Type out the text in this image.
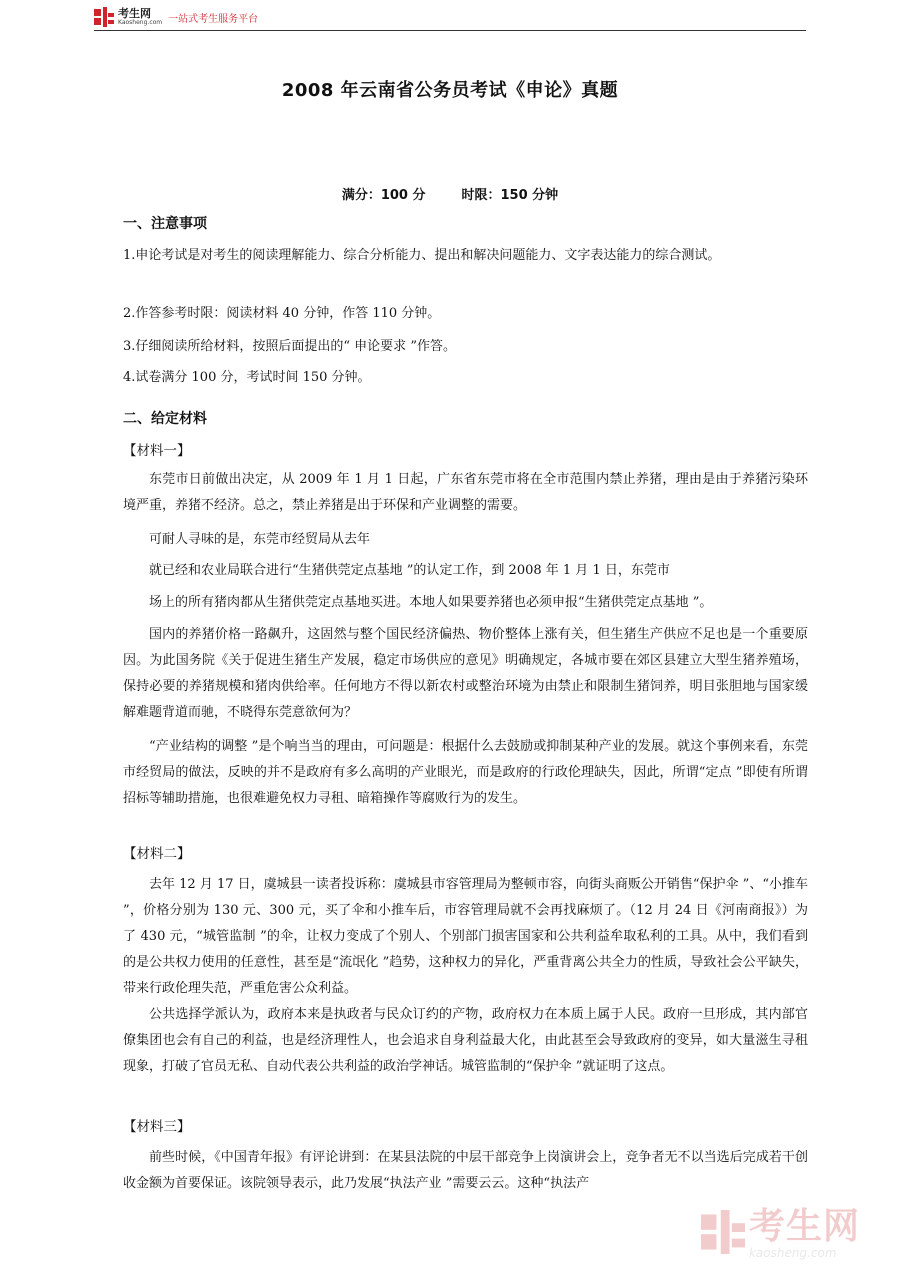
考生网
Kaosheng.com 一站式考生服务平台
2008 年云南省公务员考试《申论》真题
满分：100 分	时限：150 分钟
一、注意事项
1.申论考试是对考生的阅读理解能力、综合分析能力、提出和解决问题能力、文字表达能力的综合测试。
2.作答参考时限：阅读材料 40 分钟，作答 110 分钟。
3.仔细阅读所给材料，按照后面提出的“ 申论要求 ”作答。
4.试卷满分 100 分，考试时间 150 分钟。
二、给定材料
【材料一】
东莞市日前做出决定，从 2009 年 1 月 1 日起，广东省东莞市将在全市范围内禁止养猪，理由是由于养猪污染环境严重，养猪不经济。总之，禁止养猪是出于环保和产业调整的需要。
可耐人寻味的是，东莞市经贸局从去年
就已经和农业局联合进行“生猪供莞定点基地 ”的认定工作，到 2008 年 1 月 1 日，东莞市
场上的所有猪肉都从生猪供莞定点基地买进。本地人如果要养猪也必须申报“生猪供莞定点基地 ”。
国内的养猪价格一路飙升，这固然与整个国民经济偏热、物价整体上涨有关，但生猪生产供应不足也是一个重要原因。为此国务院《关于促进生猪生产发展，稳定市场供应的意见》明确规定，各城市要在郊区县建立大型生猪养殖场，保持必要的养猪规模和猪肉供给率。任何地方不得以新农村或整治环境为由禁止和限制生猪饲养，明目张胆地与国家缓解难题背道而驰，不晓得东莞意欲何为？
“产业结构的调整 ”是个响当当的理由，可问题是：根据什么去鼓励或抑制某种产业的发展。就这个事例来看，东莞市经贸局的做法，反映的并不是政府有多么高明的产业眼光，而是政府的行政伦理缺失，因此，所谓“定点 ”即使有所谓招标等辅助措施，也很难避免权力寻租、暗箱操作等腐败行为的发生。
【材料二】
去年 12 月 17 日，虞城县一读者投诉称：虞城县市容管理局为整顿市容，向街头商贩公开销售“保护伞 ”、“小推车 ”，价格分别为 130 元、300 元，买了伞和小推车后，市容管理局就不会再找麻烦了。（12 月 24 日《河南商报》）为了 430 元，“城管监制 ”的伞，让权力变成了个别人、个别部门损害国家和公共利益牟取私利的工具。从中，我们看到的是公共权力使用的任意性，甚至是“流氓化 ”趋势，这种权力的异化，严重背离公共全力的性质，导致社会公平缺失，带来行政伦理失范，严重危害公众利益。
公共选择学派认为，政府本来是执政者与民众订约的产物，政府权力在本质上属于人民。政府一旦形成，其内部官僚集团也会有自己的利益，也是经济理性人，也会追求自身利益最大化，由此甚至会导致政府的变异，如大量滋生寻租现象，打破了官员无私、自动代表公共利益的政治学神话。城管监制的“保护伞 ”就证明了这点。
【材料三】
前些时候，《中国青年报》有评论讲到：在某县法院的中层干部竞争上岗演讲会上，竞争者无不以当选后完成若干创收金额为首要保证。该院领导表示，此乃发展“执法产业 ”需要云云。这种“执法产
考生网
kaosheng.com
